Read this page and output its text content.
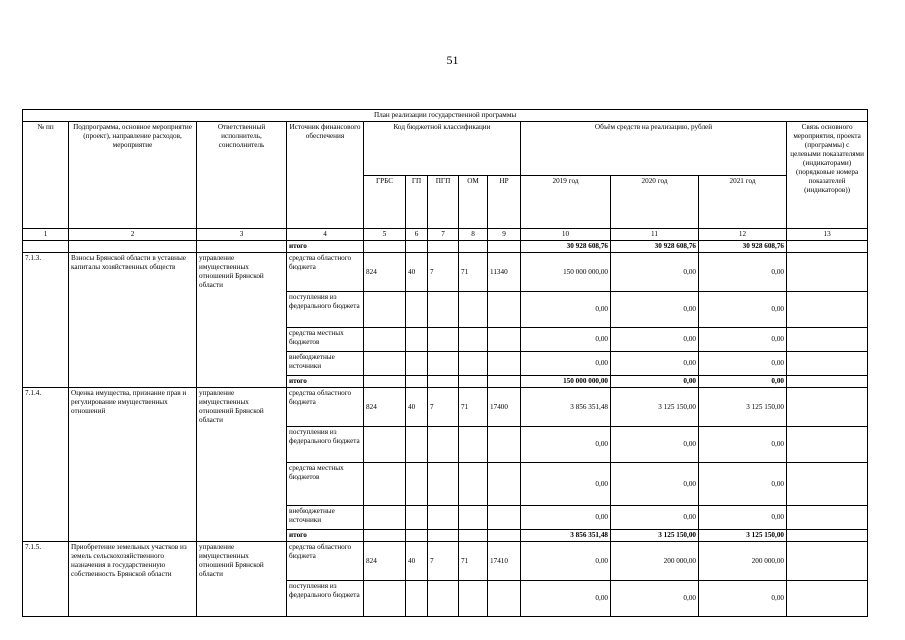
51
План реализации государственной программы												
№ пп	Подпрограмма, основное мероприятие (проект), направление расходов, мероприятие	Ответственный исполнитель, соисполнитель	Источник финансового обеспечения	Код бюджетной классификации					Объём средств на реализацию, рублей			Связь основного мероприятия, проекта (программы) с целевыми показателями (индикаторами) (порядковые номера показателей (индикаторов))
				ГРБС	ГП	ПГП	ОМ	НР	2019 год	2020 год	2021 год	
1	2	3	4	5	6	7	8	9	10	11	12	13
			итого						30 928 608,76	30 928 608,76	30 928 608,76	
7.1.3.	Взносы Брянской области в уставные капиталы хозяйственных обществ	управление имущественных отношений Брянской области	средства областного бюджета	824	40	7	71	11340	150 000 000,00	0,00	0,00	
			поступления из федерального бюджета						0,00	0,00	0,00	
			средства местных бюджетов						0,00	0,00	0,00	
			внебюджетные источники						0,00	0,00	0,00	
			итого						150 000 000,00	0,00	0,00	
7.1.4.	Оценка имущества, признание прав и регулирование имущественных отношений	управление имущественных отношений Брянской области	средства областного бюджета	824	40	7	71	17400	3 856 351,48	3 125 150,00	3 125 150,00	
			поступления из федерального бюджета						0,00	0,00	0,00	
			средства местных бюджетов						0,00	0,00	0,00	
			внебюджетные источники						0,00	0,00	0,00	
			итого						3 856 351,48	3 125 150,00	3 125 150,00	
7.1.5.	Приобретение земельных участков из земель сельскохозяйственного назначения в государственную собственность Брянской области	управление имущественных отношений Брянской области	средства областного бюджета	824	40	7	71	17410	0,00	200 000,00	200 000,00	
			поступления из федерального бюджета						0,00	0,00	0,00	
